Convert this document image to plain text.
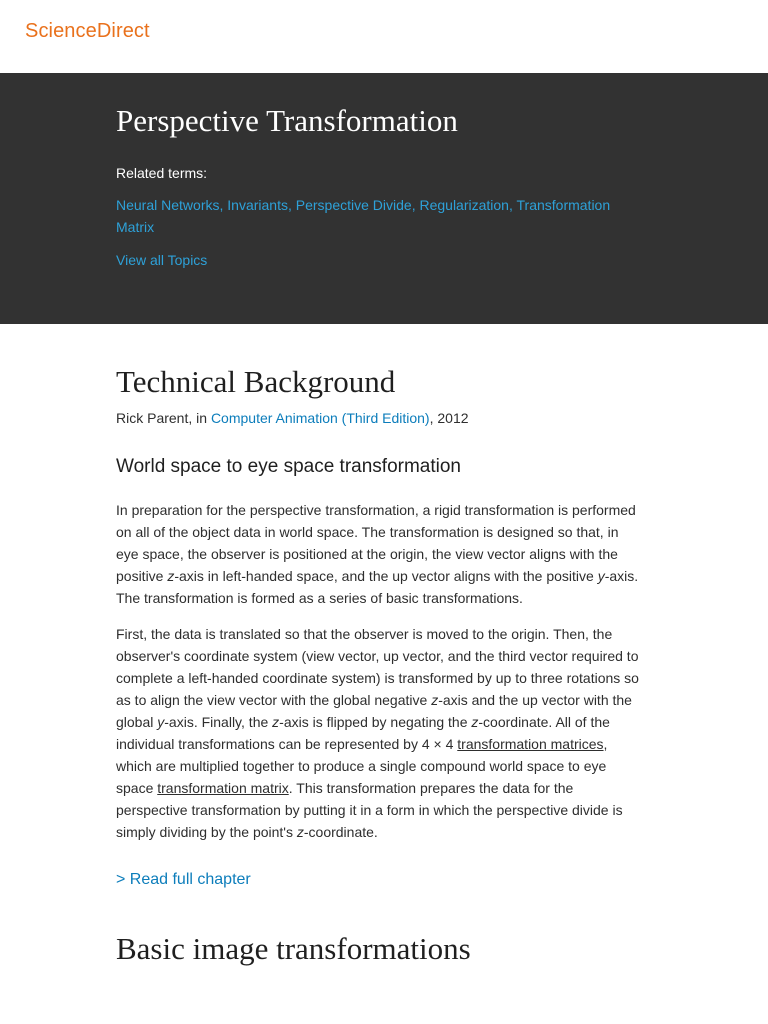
ScienceDirect
Perspective Transformation
Related terms:
Neural Networks, Invariants, Perspective Divide, Regularization, Transformation Matrix
View all Topics
Technical Background
Rick Parent, in Computer Animation (Third Edition), 2012
World space to eye space transformation

In preparation for the perspective transformation, a rigid transformation is performed on all of the object data in world space. The transformation is designed so that, in eye space, the observer is positioned at the origin, the view vector aligns with the positive z-axis in left-handed space, and the up vector aligns with the positive y-axis. The transformation is formed as a series of basic transformations.

First, the data is translated so that the observer is moved to the origin. Then, the observer's coordinate system (view vector, up vector, and the third vector required to complete a left-handed coordinate system) is transformed by up to three rotations so as to align the view vector with the global negative z-axis and the up vector with the global y-axis. Finally, the z-axis is flipped by negating the z-coordinate. All of the individual transformations can be represented by 4 × 4 transformation matrices, which are multiplied together to produce a single compound world space to eye space transformation matrix. This transformation prepares the data for the perspective transformation by putting it in a form in which the perspective divide is simply dividing by the point's z-coordinate.

> Read full chapter
Basic image transformations
